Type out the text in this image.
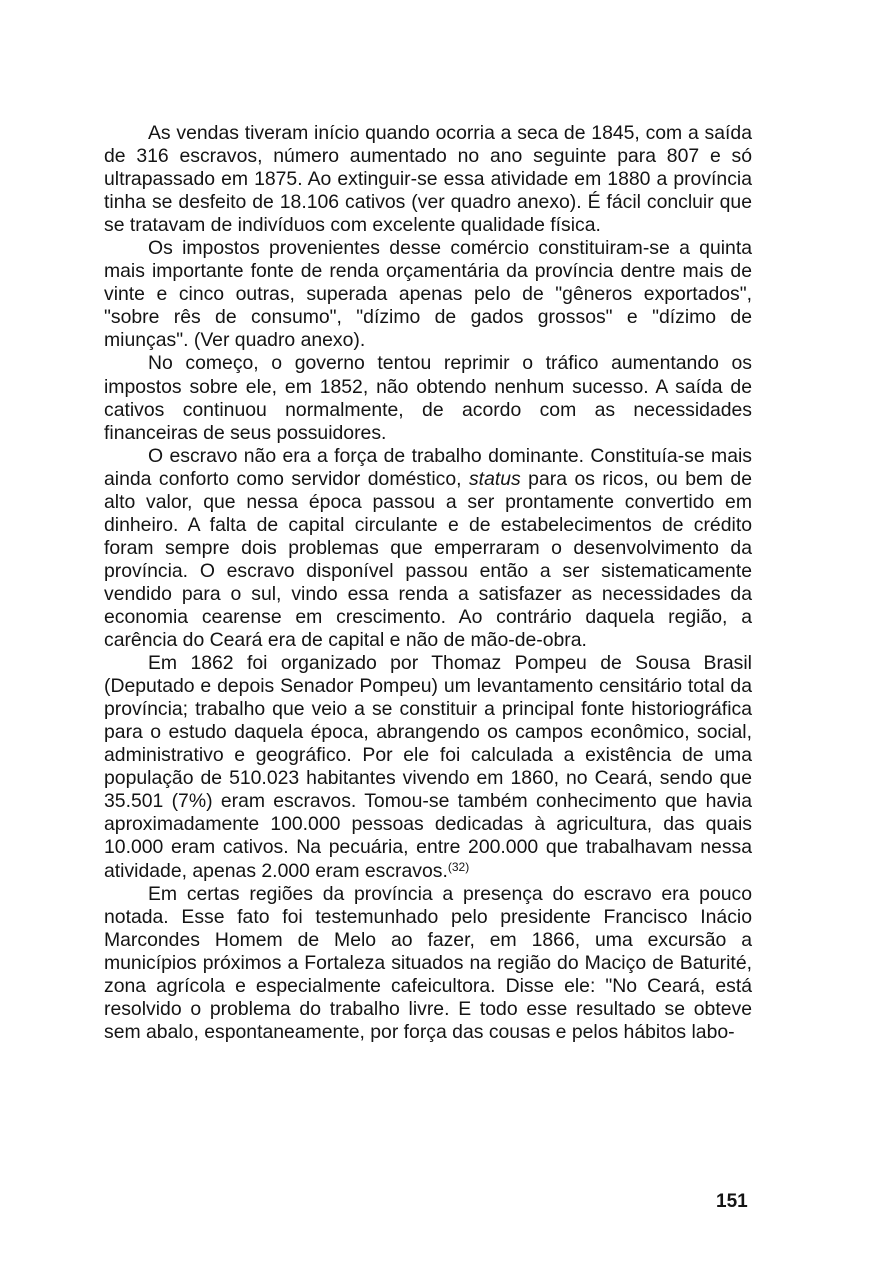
As vendas tiveram início quando ocorria a seca de 1845, com a saída de 316 escravos, número aumentado no ano seguinte para 807 e só ultrapassado em 1875. Ao extinguir-se essa atividade em 1880 a província tinha se desfeito de 18.106 cativos (ver quadro anexo). É fácil concluir que se tratavam de indivíduos com excelente qualidade física.

Os impostos provenientes desse comércio constituiram-se a quinta mais importante fonte de renda orçamentária da província dentre mais de vinte e cinco outras, superada apenas pelo de "gêneros exportados", "sobre rês de consumo", "dízimo de gados grossos" e "dízimo de miunças". (Ver quadro anexo).

No começo, o governo tentou reprimir o tráfico aumentando os impostos sobre ele, em 1852, não obtendo nenhum sucesso. A saída de cativos continuou normalmente, de acordo com as necessidades financeiras de seus possuidores.

O escravo não era a força de trabalho dominante. Constituía-se mais ainda conforto como servidor doméstico, status para os ricos, ou bem de alto valor, que nessa época passou a ser prontamente convertido em dinheiro. A falta de capital circulante e de estabelecimentos de crédito foram sempre dois problemas que emperraram o desenvolvimento da província. O escravo disponível passou então a ser sistematicamente vendido para o sul, vindo essa renda a satisfazer as necessidades da economia cearense em crescimento. Ao contrário daquela região, a carência do Ceará era de capital e não de mão-de-obra.

Em 1862 foi organizado por Thomaz Pompeu de Sousa Brasil (Deputado e depois Senador Pompeu) um levantamento censitário total da província; trabalho que veio a se constituir a principal fonte historiográfica para o estudo daquela época, abrangendo os campos econômico, social, administrativo e geográfico. Por ele foi calculada a existência de uma população de 510.023 habitantes vivendo em 1860, no Ceará, sendo que 35.501 (7%) eram escravos. Tomou-se também conhecimento que havia aproximadamente 100.000 pessoas dedicadas à agricultura, das quais 10.000 eram cativos. Na pecuária, entre 200.000 que trabalhavam nessa atividade, apenas 2.000 eram escravos.$^{(32)}$

Em certas regiões da província a presença do escravo era pouco notada. Esse fato foi testemunhado pelo presidente Francisco Inácio Marcondes Homem de Melo ao fazer, em 1866, uma excursão a municípios próximos a Fortaleza situados na região do Maciço de Baturité, zona agrícola e especialmente cafeicultora. Disse ele: "No Ceará, está resolvido o problema do trabalho livre. E todo esse resultado se obteve sem abalo, espontaneamente, por força das cousas e pelos hábitos labo-

151
